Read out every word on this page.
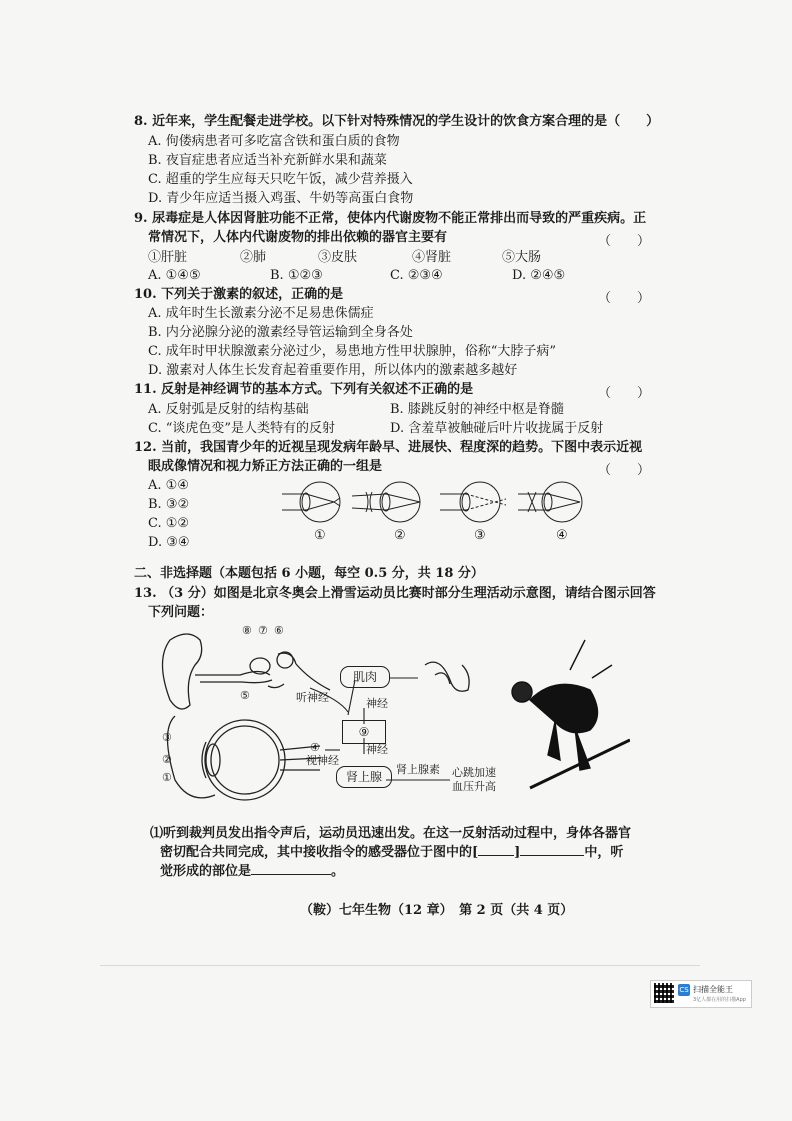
8. 近年来，学生配餐走进学校。以下针对特殊情况的学生设计的饮食方案合理的是（　　）
A. 佝偻病患者可多吃富含铁和蛋白质的食物
B. 夜盲症患者应适当补充新鲜水果和蔬菜
C. 超重的学生应每天只吃午饭，减少营养摄入
D. 青少年应适当摄入鸡蛋、牛奶等高蛋白食物
9. 尿毒症是人体因肾脏功能不正常，使体内代谢废物不能正常排出而导致的严重疾病。正
常情况下，人体内代谢废物的排出依赖的器官主要有	（　　）
①肝脏	②肺	③皮肤	④肾脏	⑤大肠
A. ①④⑤	B. ①②③	C. ②③④	D. ②④⑤
10. 下列关于激素的叙述，正确的是	（　　）
A. 成年时生长激素分泌不足易患侏儒症
B. 内分泌腺分泌的激素经导管运输到全身各处
C. 成年时甲状腺激素分泌过少，易患地方性甲状腺肿，俗称“大脖子病”
D. 激素对人体生长发育起着重要作用，所以体内的激素越多越好
11. 反射是神经调节的基本方式。下列有关叙述不正确的是	（　　）
A. 反射弧是反射的结构基础	B. 膝跳反射的神经中枢是脊髓
C. “谈虎色变”是人类特有的反射	D. 含羞草被触碰后叶片收拢属于反射
12. 当前，我国青少年的近视呈现发病年龄早、进展快、程度深的趋势。下图中表示近视
眼成像情况和视力矫正方法正确的一组是	（　　）
A. ①④
B. ③②
C. ①②
D. ③④	①	②	③	④
二、非选择题（本题包括 6 小题，每空 0.5 分，共 18 分）
13. （3 分）如图是北京冬奥会上滑雪运动员比赛时部分生理活动示意图，请结合图示回答
下列问题：
⑧ ⑦ ⑥
⑤	听神经
肌肉
神经
⑨
神经
肾上腺
肾上腺素 心跳加速
血压升高
视神经
③
②
①
④
⑴听到裁判员发出指令声后，运动员迅速出发。在这一反射活动过程中，身体各器官
密切配合共同完成，其中接收指令的感受器位于图中的[	]	中，听
觉形成的部位是	。
（鞍）七年生物（12 章）　第 2 页（共 4 页）
CS 扫描全能王
3亿人都在用的扫描App
